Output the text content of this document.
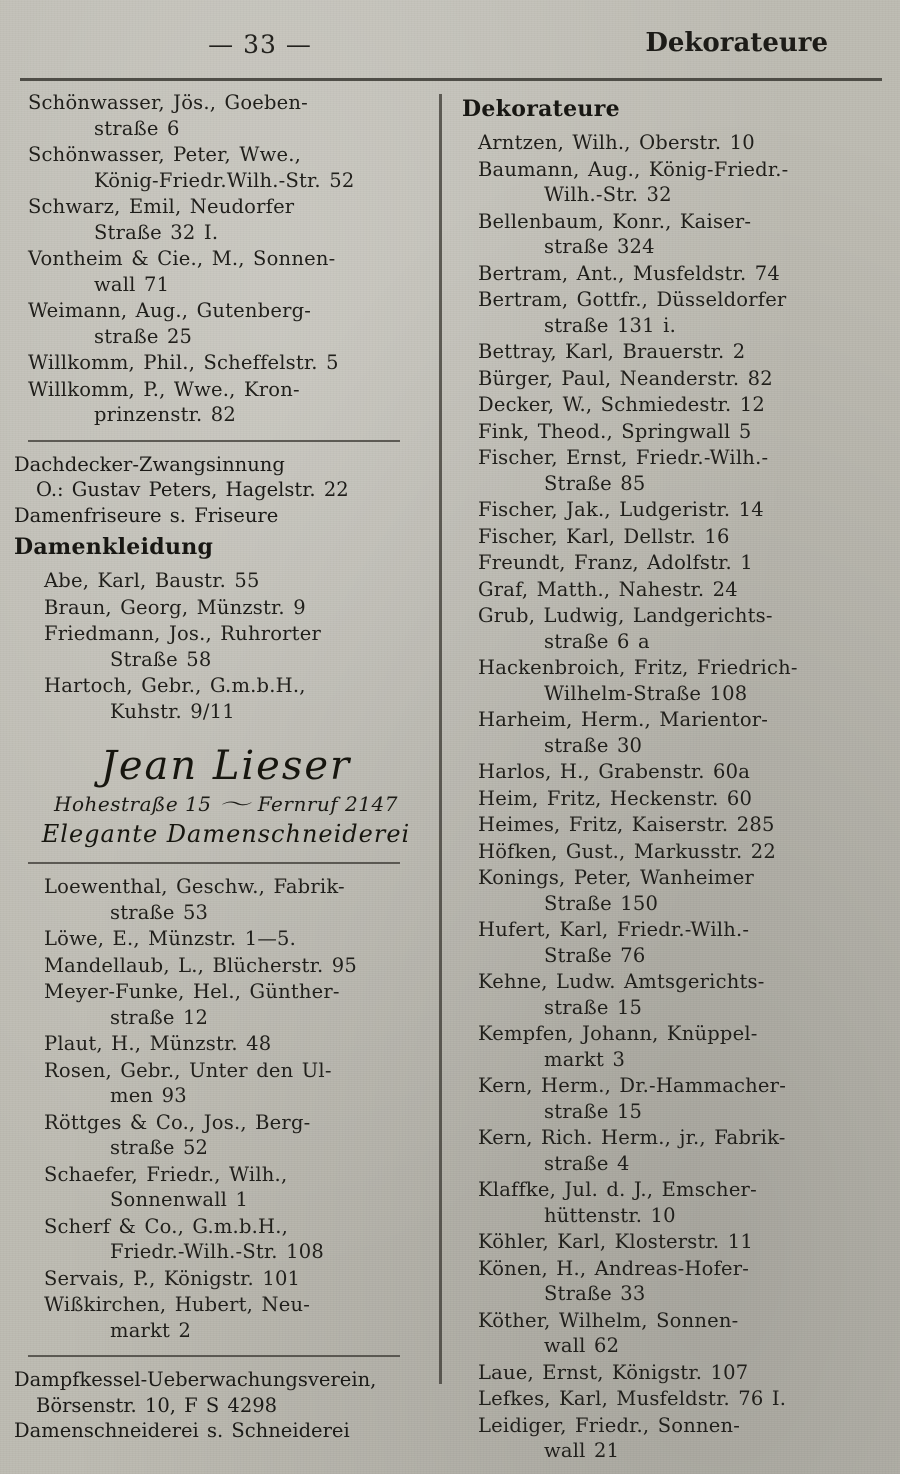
— 33 —	Dekorateure
Schönwasser, Jös., Goeben-
straße 6
Schönwasser, Peter, Wwe.,
König-Friedr.Wilh.-Str. 52
Schwarz, Emil, Neudorfer
Straße 32 I.
Vontheim & Cie., M., Sonnen-
wall 71
Weimann, Aug., Gutenberg-
straße 25
Willkomm, Phil., Scheffelstr. 5
Willkomm, P., Wwe., Kron-
prinzenstr. 82
Dachdecker-Zwangsinnung
O.: Gustav Peters, Hagelstr. 22
Damenfriseure s. Friseure
Damenkleidung
Abe, Karl, Baustr. 55
Braun, Georg, Münzstr. 9
Friedmann, Jos., Ruhrorter
Straße 58
Hartoch, Gebr., G.m.b.H.,
Kuhstr. 9/11
Jean Lieser
Hohestraße 15 〜 Fernruf 2147
Elegante Damenschneiderei
Loewenthal, Geschw., Fabrik-
straße 53
Löwe, E., Münzstr. 1—5.
Mandellaub, L., Blücherstr. 95
Meyer-Funke, Hel., Günther-
straße 12
Plaut, H., Münzstr. 48
Rosen, Gebr., Unter den Ul-
men 93
Röttges & Co., Jos., Berg-
straße 52
Schaefer, Friedr., Wilh.,
Sonnenwall 1
Scherf & Co., G.m.b.H.,
Friedr.-Wilh.-Str. 108
Servais, P., Königstr. 101
Wißkirchen, Hubert, Neu-
markt 2
Dampfkessel-Ueberwachungsverein,
Börsenstr. 10, F S 4298
Damenschneiderei s. Schneiderei
Dekorateure
Arntzen, Wilh., Oberstr. 10
Baumann, Aug., König-Friedr.-
Wilh.-Str. 32
Bellenbaum, Konr., Kaiser-
straße 324
Bertram, Ant., Musfeldstr. 74
Bertram, Gottfr., Düsseldorfer
straße 131 i.
Bettray, Karl, Brauerstr. 2
Bürger, Paul, Neanderstr. 82
Decker, W., Schmiedestr. 12
Fink, Theod., Springwall 5
Fischer, Ernst, Friedr.-Wilh.-
Straße 85
Fischer, Jak., Ludgeristr. 14
Fischer, Karl, Dellstr. 16
Freundt, Franz, Adolfstr. 1
Graf, Matth., Nahestr. 24
Grub, Ludwig, Landgerichts-
straße 6 a
Hackenbroich, Fritz, Friedrich-
Wilhelm-Straße 108
Harheim, Herm., Marientor-
straße 30
Harlos, H., Grabenstr. 60a
Heim, Fritz, Heckenstr. 60
Heimes, Fritz, Kaiserstr. 285
Höfken, Gust., Markusstr. 22
Konings, Peter, Wanheimer
Straße 150
Hufert, Karl, Friedr.-Wilh.-
Straße 76
Kehne, Ludw. Amtsgerichts-
straße 15
Kempfen, Johann, Knüppel-
markt 3
Kern, Herm., Dr.-Hammacher-
straße 15
Kern, Rich. Herm., jr., Fabrik-
straße 4
Klaffke, Jul. d. J., Emscher-
hüttenstr. 10
Köhler, Karl, Klosterstr. 11
Könen, H., Andreas-Hofer-
Straße 33
Köther, Wilhelm, Sonnen-
wall 62
Laue, Ernst, Königstr. 107
Lefkes, Karl, Musfeldstr. 76 I.
Leidiger, Friedr., Sonnen-
wall 21
